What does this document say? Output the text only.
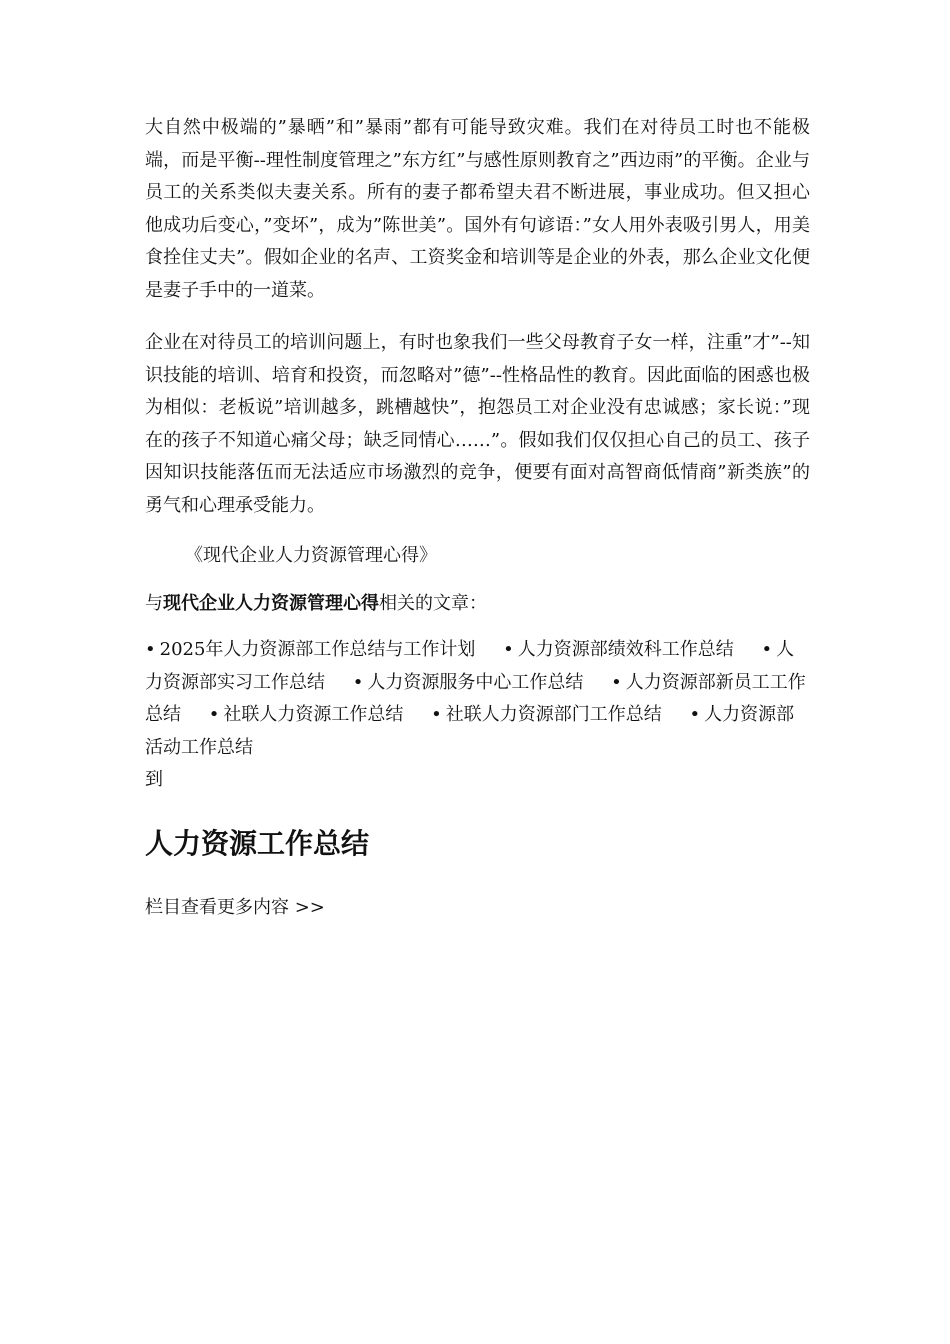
大自然中极端的”暴晒”和”暴雨”都有可能导致灾难。我们在对待员工时也不能极端，而是平衡--理性制度管理之”东方红”与感性原则教育之”西边雨”的平衡。企业与员工的关系类似夫妻关系。所有的妻子都希望夫君不断进展，事业成功。但又担心他成功后变心，”变坏”，成为”陈世美”。国外有句谚语：”女人用外表吸引男人，用美食拴住丈夫”。假如企业的名声、工资奖金和培训等是企业的外表，那么企业文化便是妻子手中的一道菜。

企业在对待员工的培训问题上，有时也象我们一些父母教育子女一样，注重”才”--知识技能的培训、培育和投资，而忽略对”德”--性格品性的教育。因此面临的困惑也极为相似：老板说”培训越多，跳槽越快”，抱怨员工对企业没有忠诚感；家长说：”现在的孩子不知道心痛父母；缺乏同情心……”。假如我们仅仅担心自己的员工、孩子因知识技能落伍而无法适应市场激烈的竞争，便要有面对高智商低情商”新类族”的勇气和心理承受能力。

《现代企业人力资源管理心得》

与现代企业人力资源管理心得相关的文章：

• 2025年人力资源部工作总结与工作计划 • 人力资源部绩效科工作总结 • 人力资源部实习工作总结 • 人力资源服务中心工作总结 • 人力资源部新员工工作总结 • 社联人力资源工作总结 • 社联人力资源部门工作总结 • 人力资源部活动工作总结

到

人力资源工作总结

栏目查看更多内容 >>
